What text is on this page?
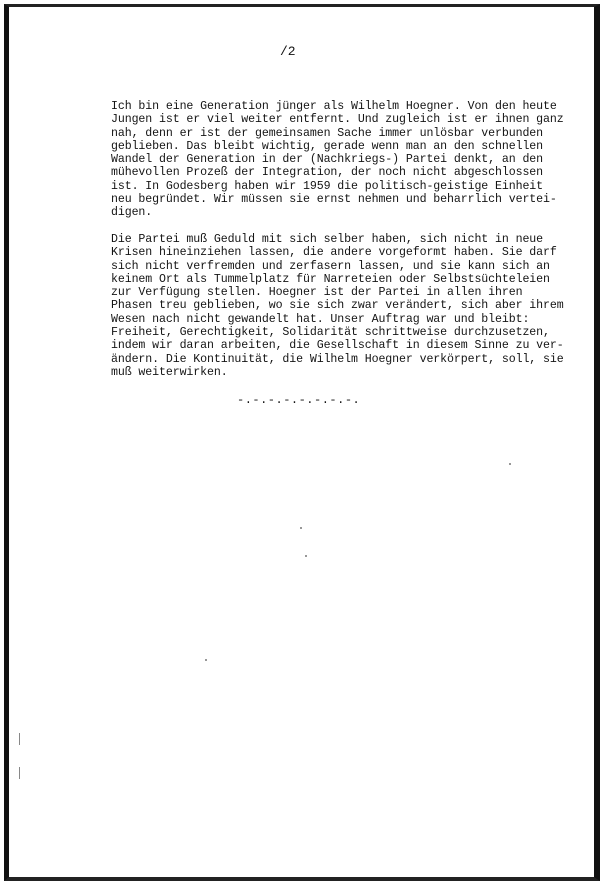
/2
Ich bin eine Generation jünger als Wilhelm Hoegner. Von den heute
Jungen ist er viel weiter entfernt. Und zugleich ist er ihnen ganz
nah, denn er ist der gemeinsamen Sache immer unlösbar verbunden
geblieben. Das bleibt wichtig, gerade wenn man an den schnellen
Wandel der Generation in der (Nachkriegs-) Partei denkt, an den
mühevollen Prozeß der Integration, der noch nicht abgeschlossen
ist. In Godesberg haben wir 1959 die politisch-geistige Einheit
neu begründet. Wir müssen sie ernst nehmen und beharrlich vertei-
digen.
Die Partei muß Geduld mit sich selber haben, sich nicht in neue
Krisen hineinziehen lassen, die andere vorgeformt haben. Sie darf
sich nicht verfremden und zerfasern lassen, und sie kann sich an
keinem Ort als Tummelplatz für Narreteien oder Selbstsüchteleien
zur Verfügung stellen. Hoegner ist der Partei in allen ihren
Phasen treu geblieben, wo sie sich zwar verändert, sich aber ihrem
Wesen nach nicht gewandelt hat. Unser Auftrag war und bleibt:
Freiheit, Gerechtigkeit, Solidarität schrittweise durchzusetzen,
indem wir daran arbeiten, die Gesellschaft in diesem Sinne zu ver-
ändern. Die Kontinuität, die Wilhelm Hoegner verkörpert, soll, sie
muß weiterwirken.
-.-.-.-.-.-.-.-.
